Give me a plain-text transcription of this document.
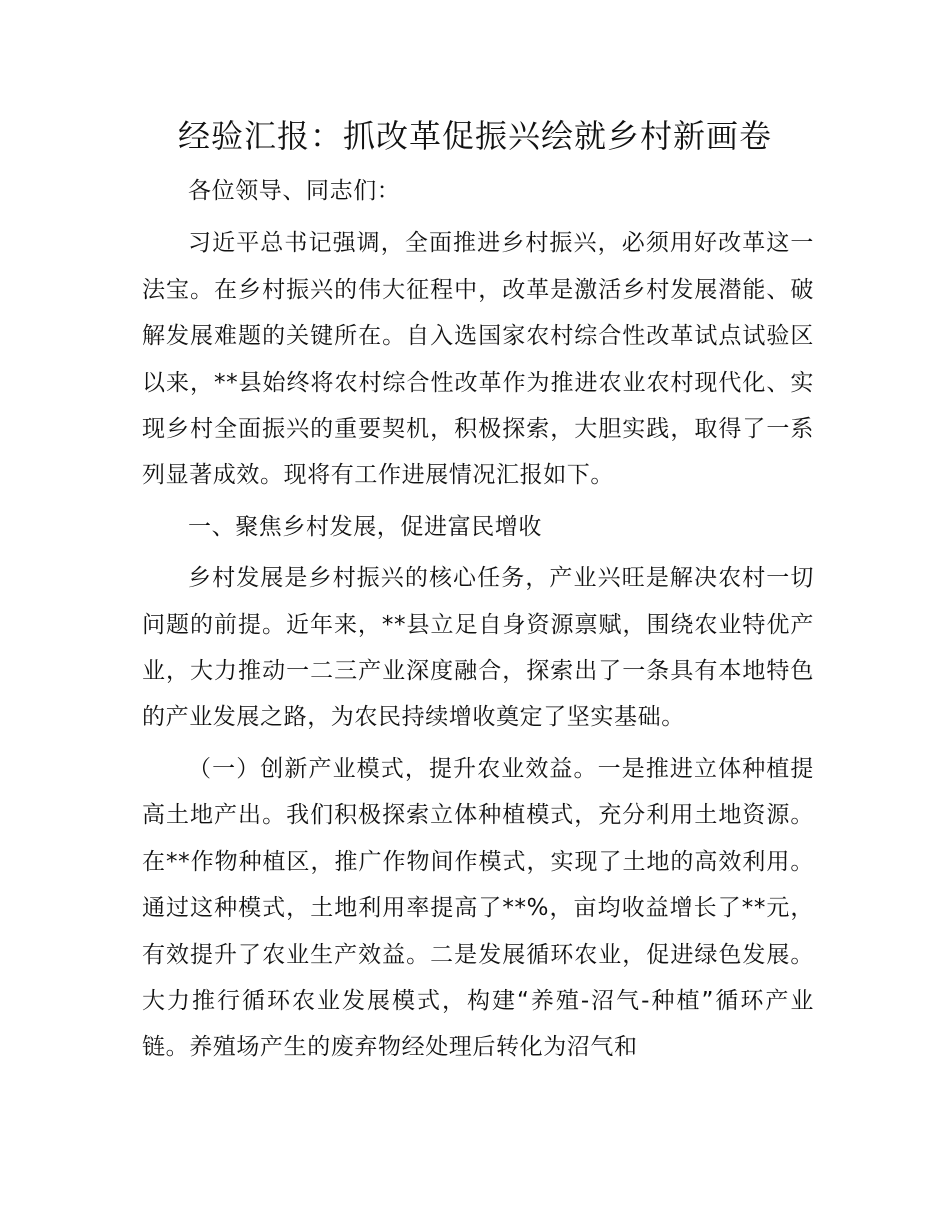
经验汇报：抓改革促振兴绘就乡村新画卷

各位领导、同志们：

习近平总书记强调，全面推进乡村振兴，必须用好改革这一法宝。在乡村振兴的伟大征程中，改革是激活乡村发展潜能、破解发展难题的关键所在。自入选国家农村综合性改革试点试验区以来，**县始终将农村综合性改革作为推进农业农村现代化、实现乡村全面振兴的重要契机，积极探索，大胆实践，取得了一系列显著成效。现将有工作进展情况汇报如下。

一、聚焦乡村发展，促进富民增收

乡村发展是乡村振兴的核心任务，产业兴旺是解决农村一切问题的前提。近年来，**县立足自身资源禀赋，围绕农业特优产业，大力推动一二三产业深度融合，探索出了一条具有本地特色的产业发展之路，为农民持续增收奠定了坚实基础。

（一）创新产业模式，提升农业效益。一是推进立体种植提高土地产出。我们积极探索立体种植模式，充分利用土地资源。在**作物种植区，推广作物间作模式，实现了土地的高效利用。通过这种模式，土地利用率提高了**%，亩均收益增长了**元，有效提升了农业生产效益。二是发展循环农业，促进绿色发展。大力推行循环农业发展模式，构建“养殖-沼气-种植”循环产业链。养殖场产生的废弃物经处理后转化为沼气和
